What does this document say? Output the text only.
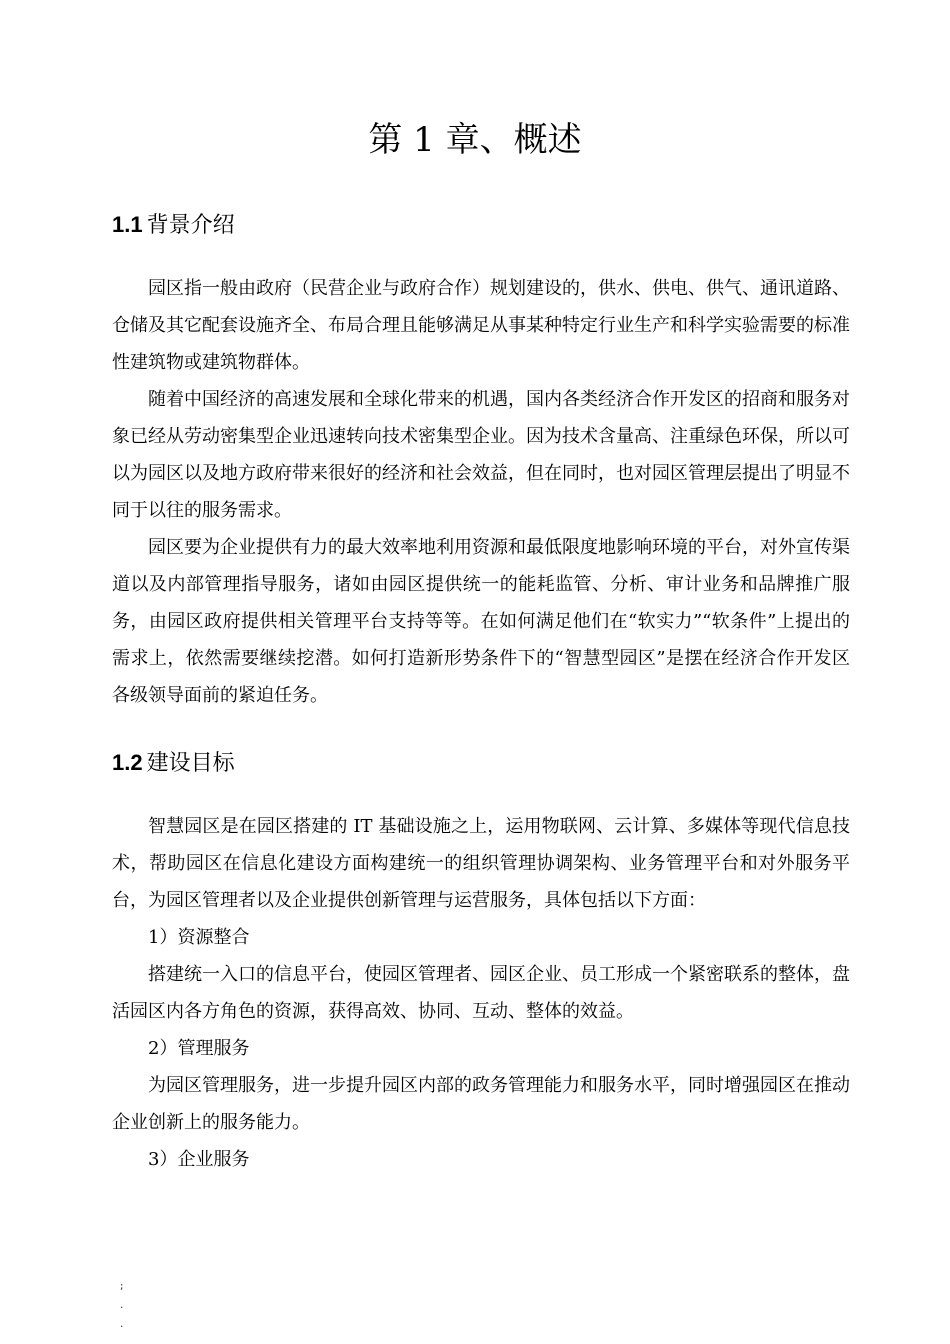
第 1 章、概述
1.1 背景介绍

园区指一般由政府（民营企业与政府合作）规划建设的，供水、供电、供气、通讯道路、仓储及其它配套设施齐全、布局合理且能够满足从事某种特定行业生产和科学实验需要的标准性建筑物或建筑物群体。

随着中国经济的高速发展和全球化带来的机遇，国内各类经济合作开发区的招商和服务对象已经从劳动密集型企业迅速转向技术密集型企业。因为技术含量高、注重绿色环保，所以可以为园区以及地方政府带来很好的经济和社会效益，但在同时，也对园区管理层提出了明显不同于以往的服务需求。

园区要为企业提供有力的最大效率地利用资源和最低限度地影响环境的平台，对外宣传渠道以及内部管理指导服务，诸如由园区提供统一的能耗监管、分析、审计业务和品牌推广服务，由园区政府提供相关管理平台支持等等。在如何满足他们在“软实力”“软条件”上提出的需求上，依然需要继续挖潜。如何打造新形势条件下的“智慧型园区”是摆在经济合作开发区各级领导面前的紧迫任务。

1.2 建设目标

智慧园区是在园区搭建的 IT 基础设施之上，运用物联网、云计算、多媒体等现代信息技术，帮助园区在信息化建设方面构建统一的组织管理协调架构、业务管理平台和对外服务平台，为园区管理者以及企业提供创新管理与运营服务，具体包括以下方面：

1）资源整合

搭建统一入口的信息平台，使园区管理者、园区企业、员工形成一个紧密联系的整体，盘活园区内各方角色的资源，获得高效、协同、互动、整体的效益。

2）管理服务

为园区管理服务，进一步提升园区内部的政务管理能力和服务水平，同时增强园区在推动企业创新上的服务能力。

3）企业服务

;
.
.
